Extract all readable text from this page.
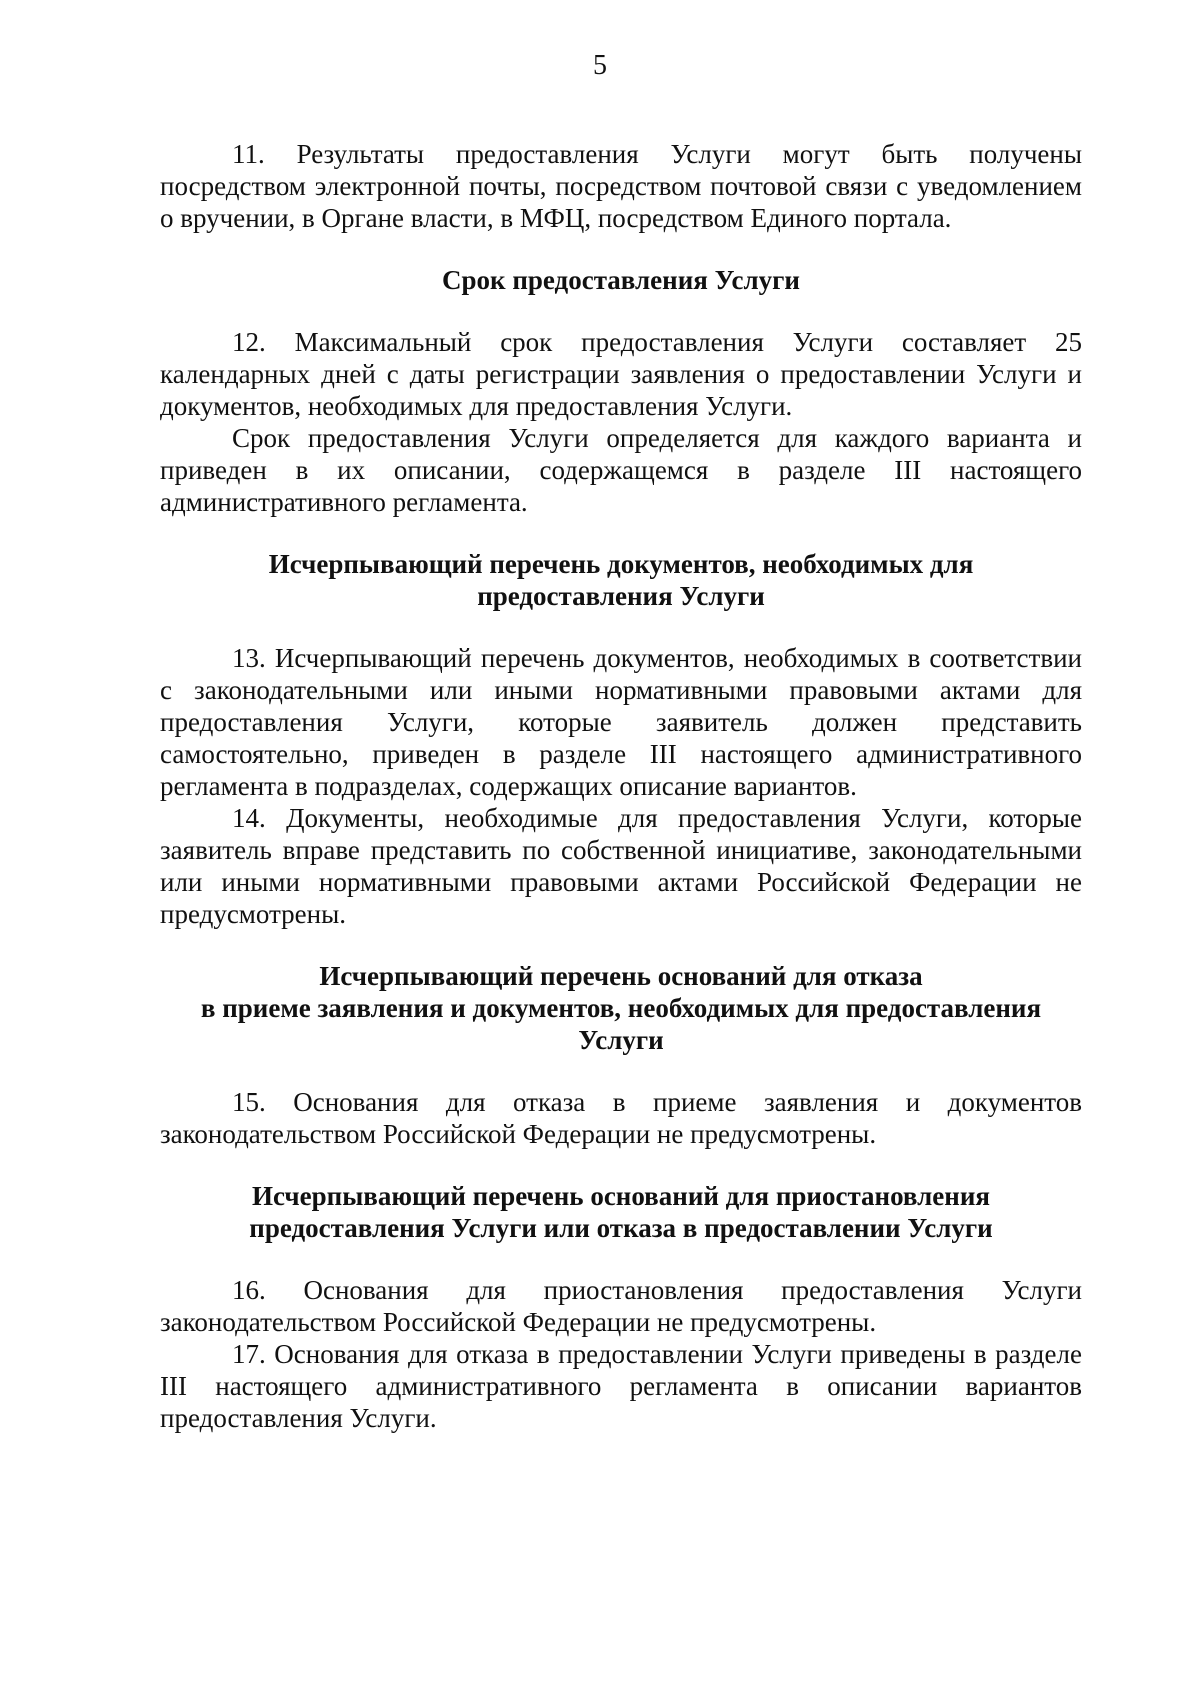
5

11. Результаты предоставления Услуги могут быть получены посредством электронной почты, посредством почтовой связи с уведомлением о вручении, в Органе власти, в МФЦ, посредством Единого портала.

Срок предоставления Услуги

12. Максимальный срок предоставления Услуги составляет 25 календарных дней с даты регистрации заявления о предоставлении Услуги и документов, необходимых для предоставления Услуги.

Срок предоставления Услуги определяется для каждого варианта и приведен в их описании, содержащемся в разделе III настоящего административного регламента.

Исчерпывающий перечень документов, необходимых для

предоставления Услуги

13. Исчерпывающий перечень документов, необходимых в соответствии с законодательными или иными нормативными правовыми актами для предоставления Услуги, которые заявитель должен представить самостоятельно, приведен в разделе III настоящего административного регламента в подразделах, содержащих описание вариантов.

14. Документы, необходимые для предоставления Услуги, которые заявитель вправе представить по собственной инициативе, законодательными или иными нормативными правовыми актами Российской Федерации не предусмотрены.

Исчерпывающий перечень оснований для отказа

в приеме заявления и документов, необходимых для предоставления

Услуги

15. Основания для отказа в приеме заявления и документов законодательством Российской Федерации не предусмотрены.

Исчерпывающий перечень оснований для приостановления

предоставления Услуги или отказа в предоставлении Услуги

16. Основания для приостановления предоставления Услуги законодательством Российской Федерации не предусмотрены.

17. Основания для отказа в предоставлении Услуги приведены в разделе III настоящего административного регламента в описании вариантов предоставления Услуги.
